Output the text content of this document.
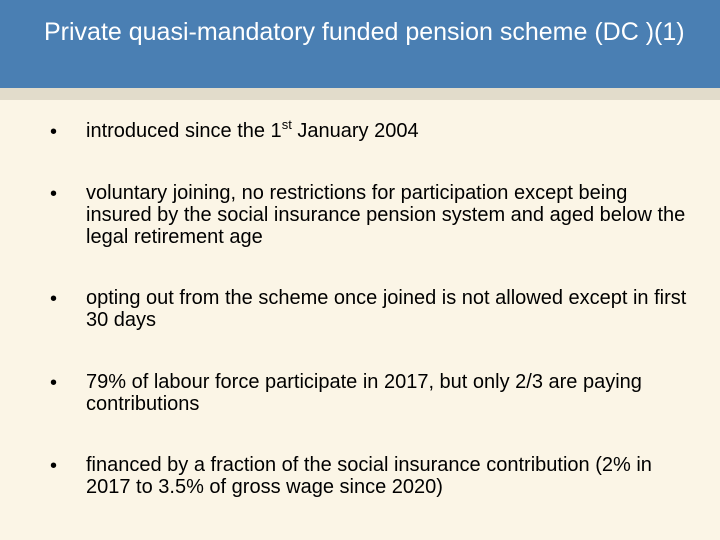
Private quasi-mandatory funded pension scheme (DC )(1)
• introduced since the 1st January 2004
• voluntary joining, no restrictions for participation except being insured by the social insurance pension system and aged below the legal retirement age
• opting out from the scheme once joined is not allowed except in first 30 days
• 79% of labour force participate in 2017, but only 2/3 are paying contributions
• financed by a fraction of the social insurance contribution (2% in 2017 to 3.5% of gross wage since 2020)
